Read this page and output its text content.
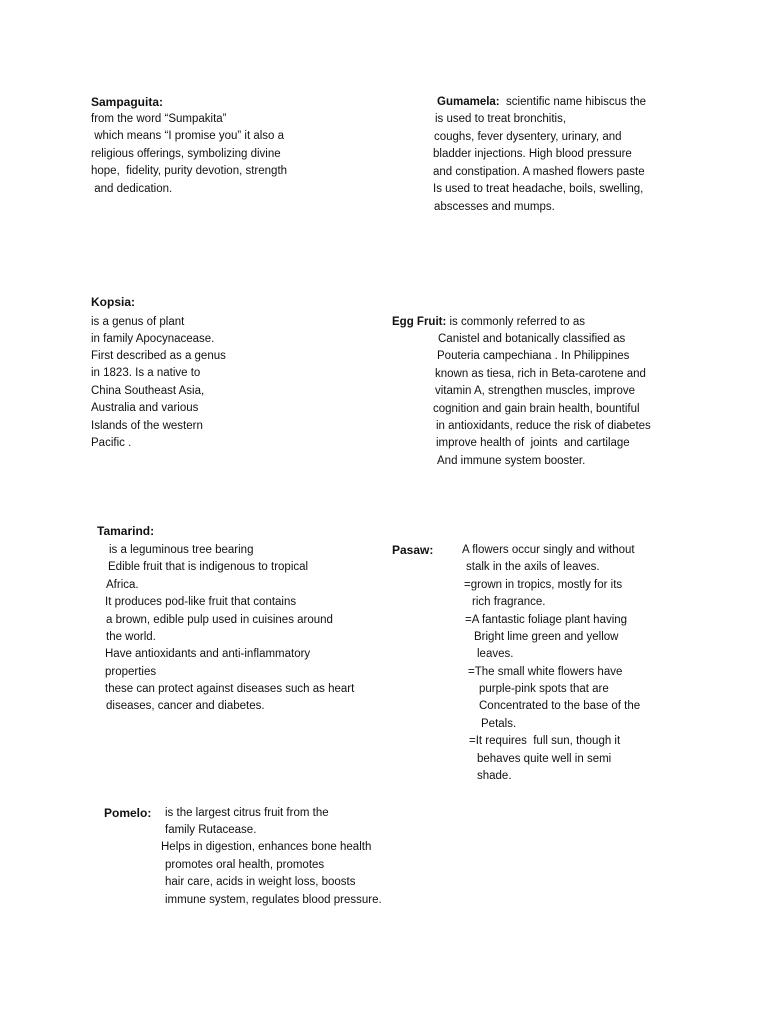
Sampaguita:
from the word “Sumpakita”
which means “I promise you” it also a
religious offerings, symbolizing divine
hope,  fidelity, purity devotion, strength
and dedication.
Gumamela:  scientific name hibiscus the
is used to treat bronchitis,
coughs, fever dysentery, urinary, and
bladder injections. High blood pressure
and constipation. A mashed flowers paste
Is used to treat headache, boils, swelling,
abscesses and mumps.
Kopsia:
is a genus of plant
in family Apocynacease.
First described as a genus
in 1823. Is a native to
China Southeast Asia,
Australia and various
Islands of the western
Pacific .
Egg Fruit: is commonly referred to as
Canistel and botanically classified as
Pouteria campechiana . In Philippines
known as tiesa, rich in Beta-carotene and
vitamin A, strengthen muscles, improve
cognition and gain brain health, bountiful
in antioxidants, reduce the risk of diabetes
improve health of  joints  and cartilage
And immune system booster.
Tamarind:
is a leguminous tree bearing
Edible fruit that is indigenous to tropical
Africa.
It produces pod-like fruit that contains
a brown, edible pulp used in cuisines around
the world.
Have antioxidants and anti-inflammatory
properties
these can protect against diseases such as heart
diseases, cancer and diabetes.
Pasaw: A flowers occur singly and without
stalk in the axils of leaves.
=grown in tropics, mostly for its
rich fragrance.
=A fantastic foliage plant having
Bright lime green and yellow
leaves.
=The small white flowers have
purple-pink spots that are
Concentrated to the base of the
Petals.
=It requires  full sun, though it
behaves quite well in semi
shade.
Pomelo: is the largest citrus fruit from the
family Rutacease.
Helps in digestion, enhances bone health
promotes oral health, promotes
hair care, acids in weight loss, boosts
immune system, regulates blood pressure.
